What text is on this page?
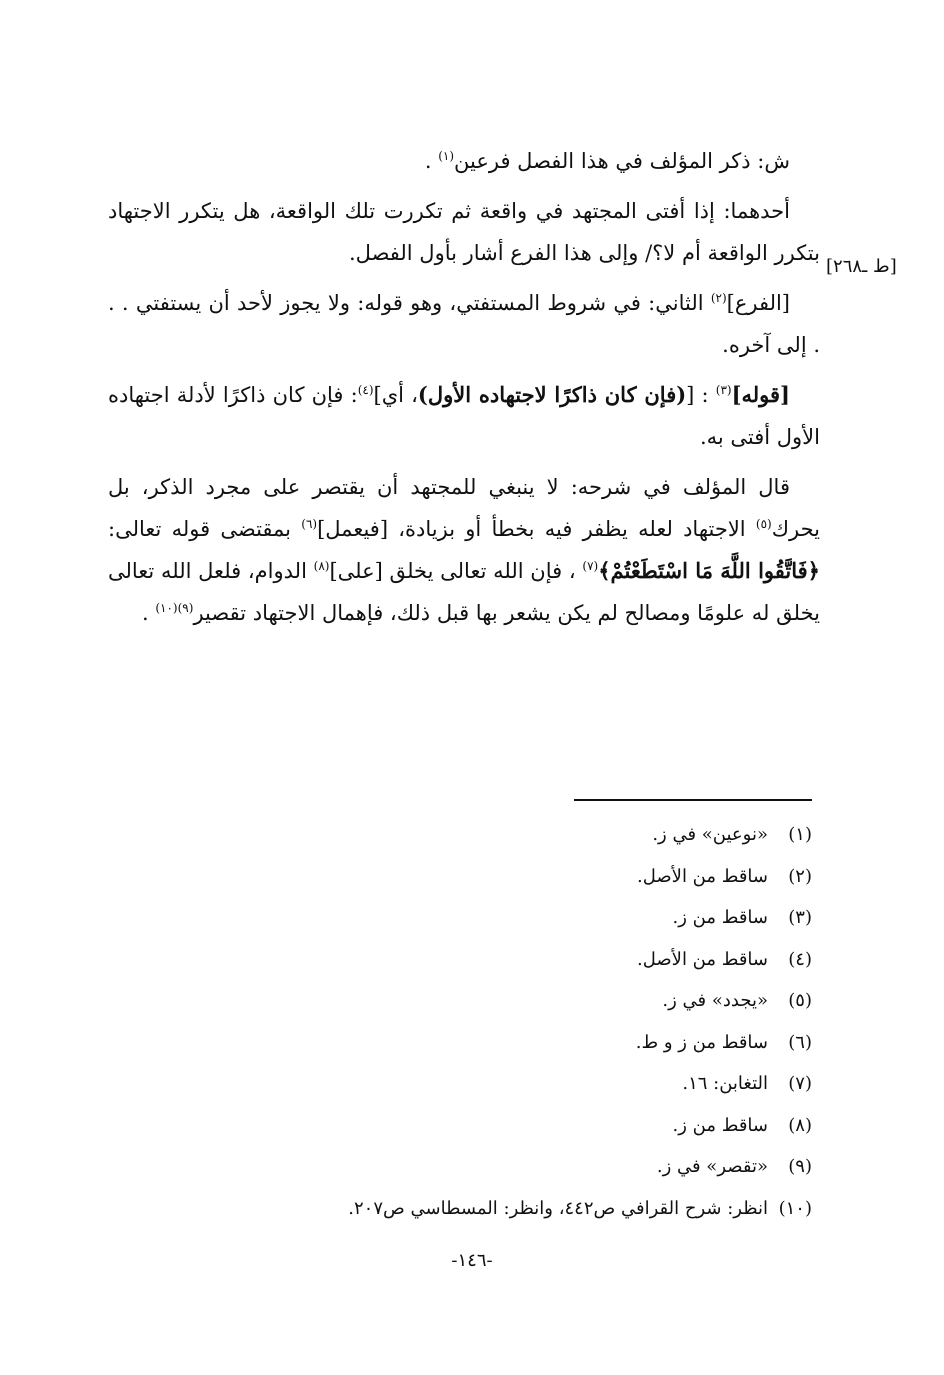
[ط ـ٢٦٨]

ش: ذكر المؤلف في هذا الفصل فرعين$^{(١)}$ .

أحدهما: إذا أفتى المجتهد في واقعة ثم تكررت تلك الواقعة، هل يتكرر الاجتهاد بتكرر الواقعة أم لا؟/ وإلى هذا الفرع أشار بأول الفصل.

[الفرع]$^{(٢)}$ الثاني: في شروط المستفتي، وهو قوله: ولا يجوز لأحد أن يستفتي . . . إلى آخره.

[قوله]$^{(٣)}$ : [(فإن كان ذاكرًا لاجتهاده الأول)، أي]$^{(٤)}$: فإن كان ذاكرًا لأدلة اجتهاده الأول أفتى به.

قال المؤلف في شرحه: لا ينبغي للمجتهد أن يقتصر على مجرد الذكر، بل يحرك$^{(٥)}$ الاجتهاد لعله يظفر فيه بخطأ أو بزيادة، [فيعمل]$^{(٦)}$ بمقتضى قوله تعالى: ﴿فَاتَّقُوا اللَّهَ مَا اسْتَطَعْتُمْ﴾$^{(٧)}$ ، فإن الله تعالى يخلق [على]$^{(٨)}$ الدوام، فلعل الله تعالى يخلق له علومًا ومصالح لم يكن يشعر بها قبل ذلك، فإهمال الاجتهاد تقصير$^{(٩)(١٠)}$ .

(١)«نوعين» في ز.
(٢)ساقط من الأصل.
(٣)ساقط من ز.
(٤)ساقط من الأصل.
(٥)«يجدد» في ز.
(٦)ساقط من ز و ط.
(٧)التغابن: ١٦.
(٨)ساقط من ز.
(٩)«تقصر» في ز.
(١٠)انظر: شرح القرافي ص٤٤٢، وانظر: المسطاسي ص٢٠٧.
-١٤٦-
